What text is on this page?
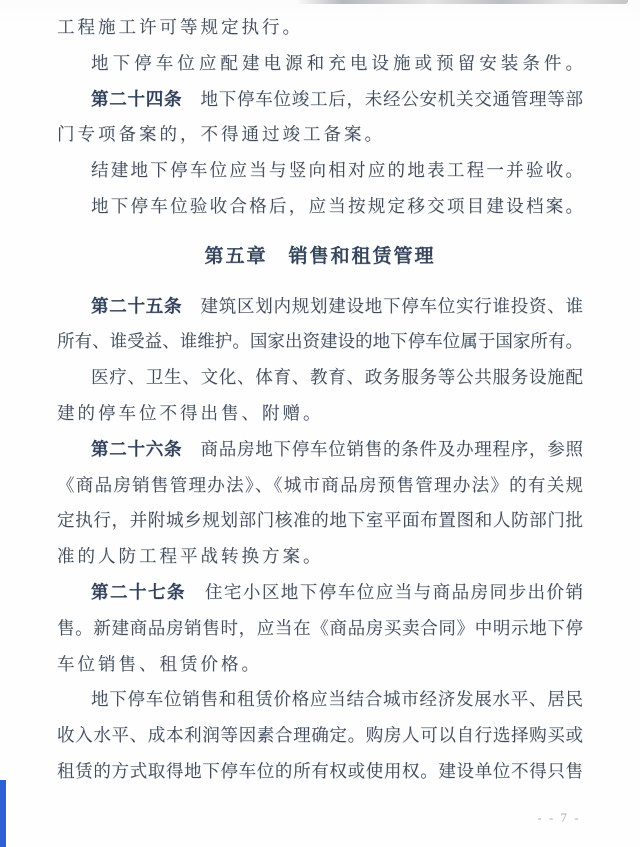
工程施工许可等规定执行。
地下停车位应配建电源和充电设施或预留安装条件。
第二十四条　地下停车位竣工后，未经公安机关交通管理等部
门专项备案的，不得通过竣工备案。
结建地下停车位应当与竖向相对应的地表工程一并验收。
地下停车位验收合格后，应当按规定移交项目建设档案。
第五章　销售和租赁管理
第二十五条　建筑区划内规划建设地下停车位实行谁投资、谁
所有、谁受益、谁维护。国家出资建设的地下停车位属于国家所有。
医疗、卫生、文化、体育、教育、政务服务等公共服务设施配
建的停车位不得出售、附赠。
第二十六条　商品房地下停车位销售的条件及办理程序，参照
《商品房销售管理办法》、《城市商品房预售管理办法》的有关规
定执行，并附城乡规划部门核准的地下室平面布置图和人防部门批
准的人防工程平战转换方案。
第二十七条　住宅小区地下停车位应当与商品房同步出价销
售。新建商品房销售时，应当在《商品房买卖合同》中明示地下停
车位销售、租赁价格。
地下停车位销售和租赁价格应当结合城市经济发展水平、居民
收入水平、成本利润等因素合理确定。购房人可以自行选择购买或
租赁的方式取得地下停车位的所有权或使用权。建设单位不得只售
- - 7 -
